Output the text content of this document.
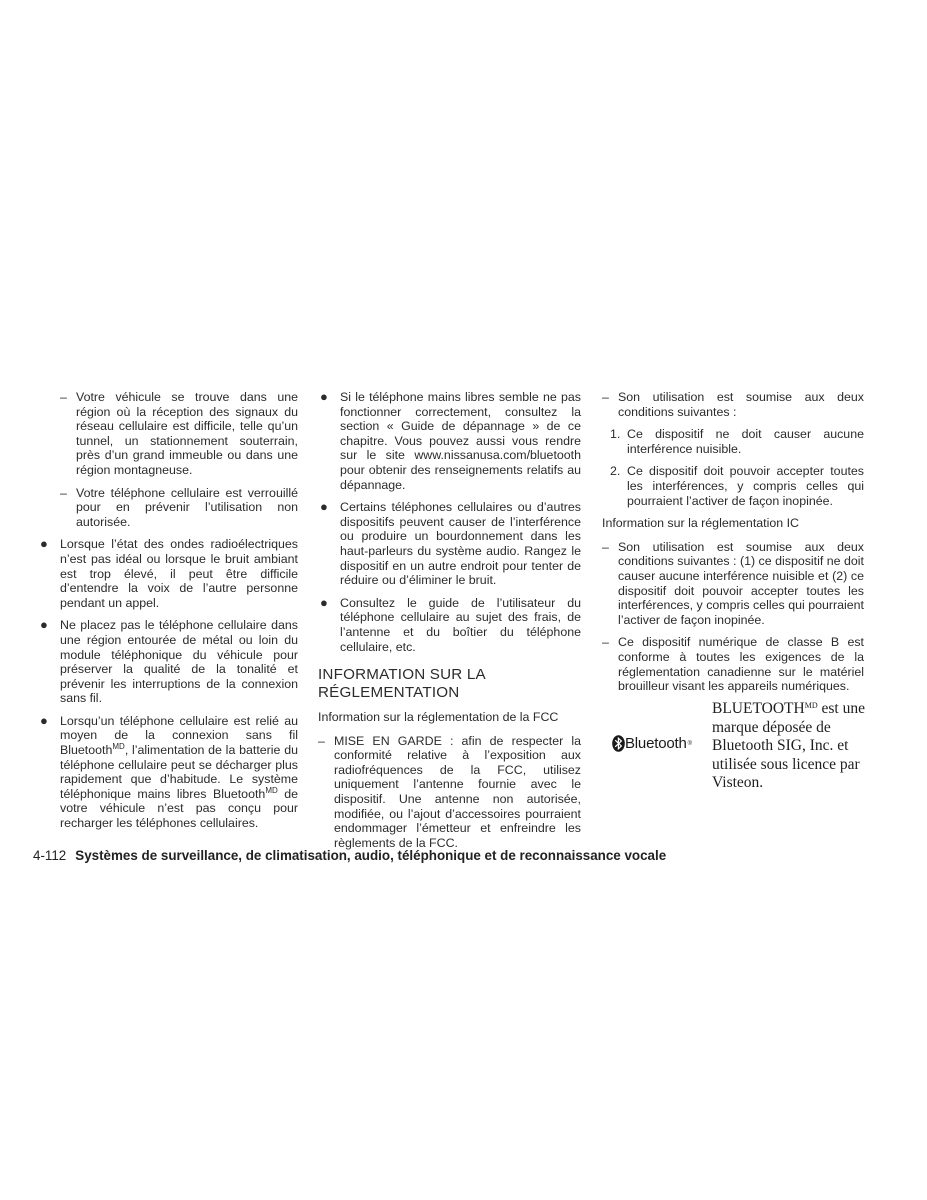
– Votre véhicule se trouve dans une région où la réception des signaux du réseau cellulaire est difficile, telle qu’un tunnel, un stationnement souterrain, près d’un grand immeuble ou dans une région montagneuse.
– Votre téléphone cellulaire est verrouillé pour en prévenir l’utilisation non autorisée.
● Lorsque l’état des ondes radioélectriques n’est pas idéal ou lorsque le bruit ambiant est trop élevé, il peut être difficile d’entendre la voix de l’autre personne pendant un appel.
● Ne placez pas le téléphone cellulaire dans une région entourée de métal ou loin du module téléphonique du véhicule pour préserver la qualité de la tonalité et prévenir les interruptions de la connexion sans fil.
● Lorsqu’un téléphone cellulaire est relié au moyen de la connexion sans fil Bluetooth$^{MD}$, l’alimentation de la batterie du téléphone cellulaire peut se décharger plus rapidement que d’habitude. Le système téléphonique mains libres Bluetooth$^{MD}$ de votre véhicule n’est pas conçu pour recharger les téléphones cellulaires.
● Si le téléphone mains libres semble ne pas fonctionner correctement, consultez la section « Guide de dépannage » de ce chapitre. Vous pouvez aussi vous rendre sur le site www.nissanusa.com/bluetooth pour obtenir des renseignements relatifs au dépannage.
● Certains téléphones cellulaires ou d’autres dispositifs peuvent causer de l’interférence ou produire un bourdonnement dans les haut-parleurs du système audio. Rangez le dispositif en un autre endroit pour tenter de réduire ou d’éliminer le bruit.
● Consultez le guide de l’utilisateur du téléphone cellulaire au sujet des frais, de l’antenne et du boîtier du téléphone cellulaire, etc.
INFORMATION SUR LA
RÉGLEMENTATION
Information sur la réglementation de la FCC
– MISE EN GARDE : afin de respecter la conformité relative à l’exposition aux radiofréquences de la FCC, utilisez uniquement l’antenne fournie avec le dispositif. Une antenne non autorisée, modifiée, ou l’ajout d’accessoires pourraient endommager l’émetteur et enfreindre les règlements de la FCC.
– Son utilisation est soumise aux deux conditions suivantes :
1. Ce dispositif ne doit causer aucune interférence nuisible.
2. Ce dispositif doit pouvoir accepter toutes les interférences, y compris celles qui pourraient l’activer de façon inopinée.
Information sur la réglementation IC
– Son utilisation est soumise aux deux conditions suivantes : (1) ce dispositif ne doit causer aucune interférence nuisible et (2) ce dispositif doit pouvoir accepter toutes les interférences, y compris celles qui pourraient l’activer de façon inopinée.
– Ce dispositif numérique de classe B est conforme à toutes les exigences de la réglementation canadienne sur le matériel brouilleur visant les appareils numériques.
Bluetooth ®
$BLUETOOTH^{MD}$ est une marque déposée de Bluetooth SIG, Inc. et utilisée sous licence par Visteon.
4-112 Systèmes de surveillance, de climatisation, audio, téléphonique et de reconnaissance vocale
